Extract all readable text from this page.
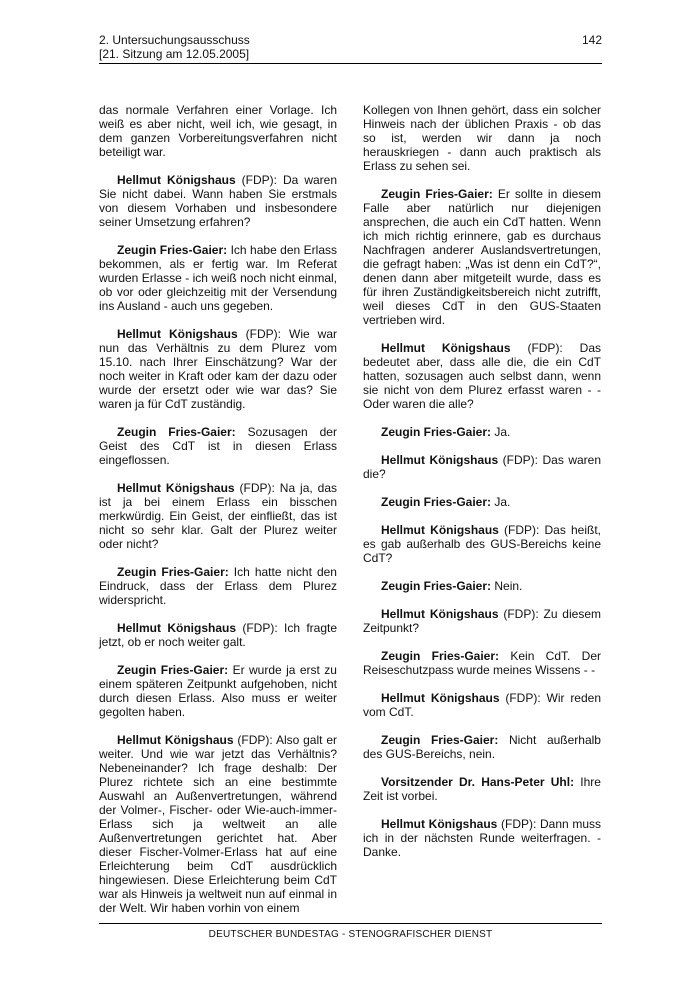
2. Untersuchungsausschuss
[21. Sitzung am 12.05.2005]
142

das normale Verfahren einer Vorlage. Ich weiß es aber nicht, weil ich, wie gesagt, in dem ganzen Vorbereitungsverfahren nicht beteiligt war.

Hellmut Königshaus (FDP): Da waren Sie nicht dabei. Wann haben Sie erstmals von diesem Vorhaben und insbesondere seiner Umsetzung erfahren?

Zeugin Fries-Gaier: Ich habe den Erlass bekommen, als er fertig war. Im Referat wurden Erlasse - ich weiß noch nicht einmal, ob vor oder gleichzeitig mit der Versendung ins Ausland - auch uns gegeben.

Hellmut Königshaus (FDP): Wie war nun das Verhältnis zu dem Plurez vom 15.10. nach Ihrer Einschätzung? War der noch weiter in Kraft oder kam der dazu oder wurde der ersetzt oder wie war das? Sie waren ja für CdT zuständig.

Zeugin Fries-Gaier: Sozusagen der Geist des CdT ist in diesen Erlass eingeflossen.

Hellmut Königshaus (FDP): Na ja, das ist ja bei einem Erlass ein bisschen merkwürdig. Ein Geist, der einfließt, das ist nicht so sehr klar. Galt der Plurez weiter oder nicht?

Zeugin Fries-Gaier: Ich hatte nicht den Eindruck, dass der Erlass dem Plurez widerspricht.

Hellmut Königshaus (FDP): Ich fragte jetzt, ob er noch weiter galt.

Zeugin Fries-Gaier: Er wurde ja erst zu einem späteren Zeitpunkt aufgehoben, nicht durch diesen Erlass. Also muss er weiter gegolten haben.

Hellmut Königshaus (FDP): Also galt er weiter. Und wie war jetzt das Verhältnis? Nebeneinander? Ich frage deshalb: Der Plurez richtete sich an eine bestimmte Auswahl an Außenvertretungen, während der Volmer-, Fischer- oder Wie-auch-immer-Erlass sich ja weltweit an alle Außenvertretungen gerichtet hat. Aber dieser Fischer-Volmer-Erlass hat auf eine Erleichterung beim CdT ausdrücklich hingewiesen. Diese Erleichterung beim CdT war als Hinweis ja weltweit nun auf einmal in der Welt. Wir haben vorhin von einem

Kollegen von Ihnen gehört, dass ein solcher Hinweis nach der üblichen Praxis - ob das so ist, werden wir dann ja noch herauskriegen - dann auch praktisch als Erlass zu sehen sei.

Zeugin Fries-Gaier: Er sollte in diesem Falle aber natürlich nur diejenigen ansprechen, die auch ein CdT hatten. Wenn ich mich richtig erinnere, gab es durchaus Nachfragen anderer Auslandsvertretungen, die gefragt haben: „Was ist denn ein CdT?“, denen dann aber mitgeteilt wurde, dass es für ihren Zuständigkeitsbereich nicht zutrifft, weil dieses CdT in den GUS-Staaten vertrieben wird.

Hellmut Königshaus (FDP): Das bedeutet aber, dass alle die, die ein CdT hatten, sozusagen auch selbst dann, wenn sie nicht von dem Plurez erfasst waren - - Oder waren die alle?

Zeugin Fries-Gaier: Ja.

Hellmut Königshaus (FDP): Das waren die?

Zeugin Fries-Gaier: Ja.

Hellmut Königshaus (FDP): Das heißt, es gab außerhalb des GUS-Bereichs keine CdT?

Zeugin Fries-Gaier: Nein.

Hellmut Königshaus (FDP): Zu diesem Zeitpunkt?

Zeugin Fries-Gaier: Kein CdT. Der Reiseschutzpass wurde meines Wissens - -

Hellmut Königshaus (FDP): Wir reden vom CdT.

Zeugin Fries-Gaier: Nicht außerhalb des GUS-Bereichs, nein.

Vorsitzender Dr. Hans-Peter Uhl: Ihre Zeit ist vorbei.

Hellmut Königshaus (FDP): Dann muss ich in der nächsten Runde weiterfragen. - Danke.

DEUTSCHER BUNDESTAG - STENOGRAFISCHER DIENST
